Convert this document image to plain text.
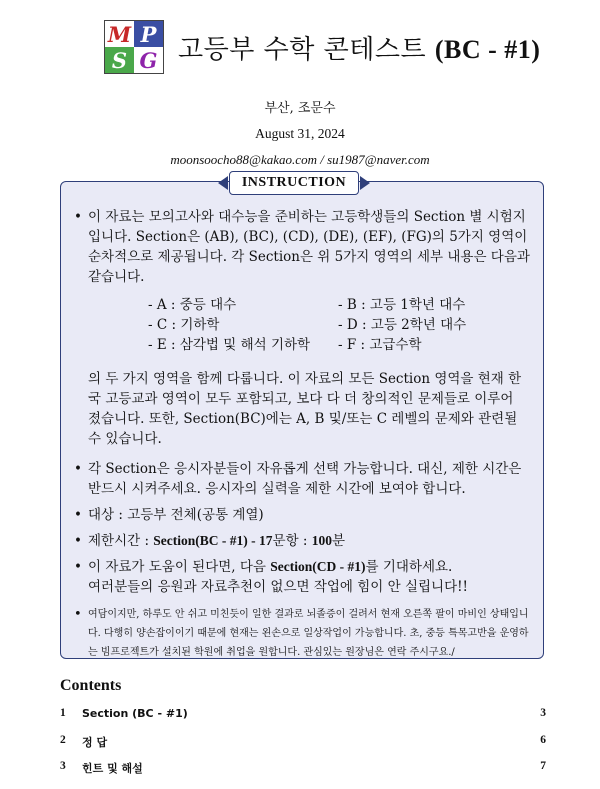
M P
S G 고등부 수학 콘테스트 (BC - #1)
부산, 조문수
August 31, 2024
moonsoocho88@kakao.com / su1987@naver.com
INSTRUCTION
• 이 자료는 모의고사와 대수능을 준비하는 고등학생들의 Section 별 시험지입니다. Section은 (AB), (BC), (CD), (DE), (EF), (FG)의 5가지 영역이 순차적으로 제공됩니다. 각 Section은 위 5가지 영역의 세부 내용은 다음과 같습니다.
- A : 중등 대수	- B : 고등 1학년 대수
- C : 기하학	- D : 고등 2학년 대수
- E : 삼각법 및 해석 기하학	- F : 고급수학
의 두 가지 영역을 함께 다룹니다. 이 자료의 모든 Section 영역을 현재 한국 고등교과 영역이 모두 포함되고, 보다 다 더 창의적인 문제들로 이루어 졌습니다. 또한, Section(BC)에는 A, B 및/또는 C 레벨의 문제와 관련될 수 있습니다.
• 각 Section은 응시자분들이 자유롭게 선택 가능합니다. 대신, 제한 시간은 반드시 시켜주세요. 응시자의 실력을 제한 시간에 보여야 합니다.
• 대상 : 고등부 전체(공통 계열)
• 제한시간 : Section(BC - #1) - 17문항 : 100분
• 이 자료가 도움이 된다면, 다음 Section(CD - #1)를 기대하세요.
여러분들의 응원과 자료추천이 없으면 작업에 힘이 안 실립니다!!
• 여담이지만, 하루도 안 쉬고 미친듯이 일한 결과로 뇌졸증이 걸려서 현재 오른쪽 팔이 마비인 상태입니다. 다행히 양손잡이이기 때문에 현재는 왼손으로 일상작업이 가능합니다. 초, 중등 특목고반을 운영하는 빔프로젝트가 설치된 학원에 취업을 원합니다. 관심있는 원장님은 연락 주시구요./
Contents
1	Section (BC - #1)	3
2	정 답	6
3	힌트 및 해설	7
